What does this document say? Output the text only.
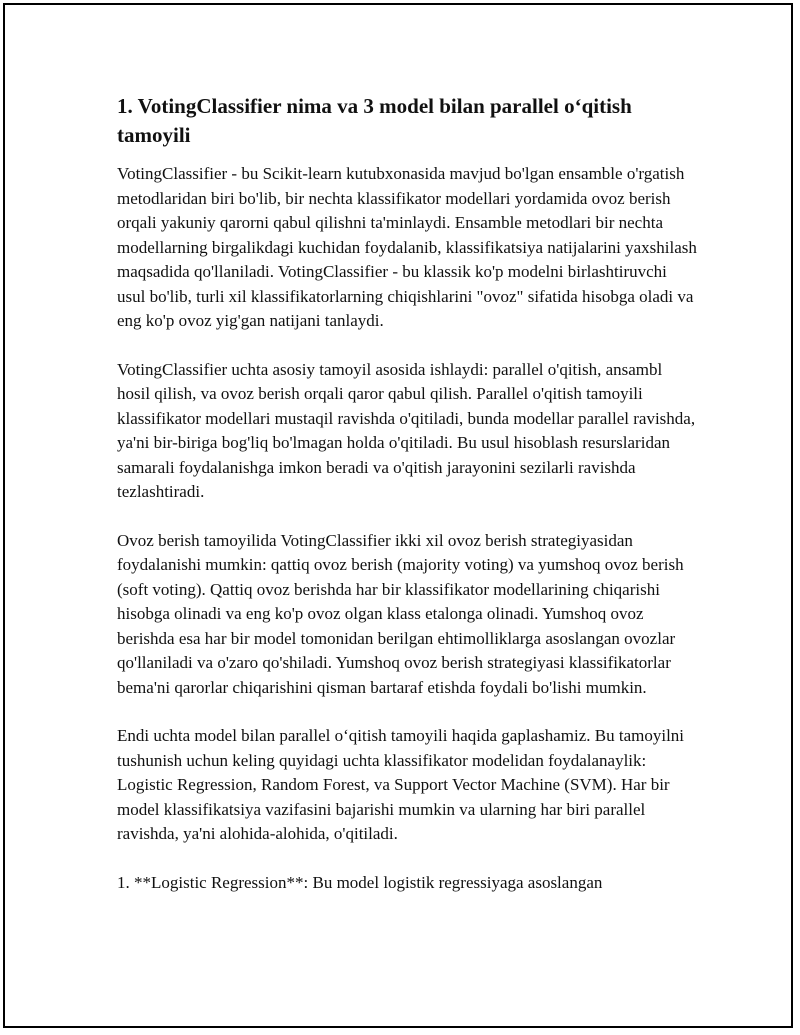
1. VotingClassifier nima va 3 model bilan parallel o‘qitish tamoyili

VotingClassifier - bu Scikit-learn kutubxonasida mavjud bo'lgan ensamble o'rgatish metodlaridan biri bo'lib, bir nechta klassifikator modellari yordamida ovoz berish orqali yakuniy qarorni qabul qilishni ta'minlaydi. Ensamble metodlari bir nechta modellarning birgalikdagi kuchidan foydalanib, klassifikatsiya natijalarini yaxshilash maqsadida qo'llaniladi. VotingClassifier - bu klassik ko'p modelni birlashtiruvchi usul bo'lib, turli xil klassifikatorlarning chiqishlarini "ovoz" sifatida hisobga oladi va eng ko'p ovoz yig'gan natijani tanlaydi.

VotingClassifier uchta asosiy tamoyil asosida ishlaydi: parallel o'qitish, ansambl hosil qilish, va ovoz berish orqali qaror qabul qilish. Parallel o'qitish tamoyili klassifikator modellari mustaqil ravishda o'qitiladi, bunda modellar parallel ravishda, ya'ni bir-biriga bog'liq bo'lmagan holda o'qitiladi. Bu usul hisoblash resurslaridan samarali foydalanishga imkon beradi va o'qitish jarayonini sezilarli ravishda tezlashtiradi.

Ovoz berish tamoyilida VotingClassifier ikki xil ovoz berish strategiyasidan foydalanishi mumkin: qattiq ovoz berish (majority voting) va yumshoq ovoz berish (soft voting). Qattiq ovoz berishda har bir klassifikator modellarining chiqarishi hisobga olinadi va eng ko'p ovoz olgan klass etalonga olinadi. Yumshoq ovoz berishda esa har bir model tomonidan berilgan ehtimolliklarga asoslangan ovozlar qo'llaniladi va o'zaro qo'shiladi. Yumshoq ovoz berish strategiyasi klassifikatorlar bema'ni qarorlar chiqarishini qisman bartaraf etishda foydali bo'lishi mumkin.

Endi uchta model bilan parallel o‘qitish tamoyili haqida gaplashamiz. Bu tamoyilni tushunish uchun keling quyidagi uchta klassifikator modelidan foydalanaylik: Logistic Regression, Random Forest, va Support Vector Machine (SVM). Har bir model klassifikatsiya vazifasini bajarishi mumkin va ularning har biri parallel ravishda, ya'ni alohida-alohida, o'qitiladi.

1. **Logistic Regression**: Bu model logistik regressiyaga asoslangan
